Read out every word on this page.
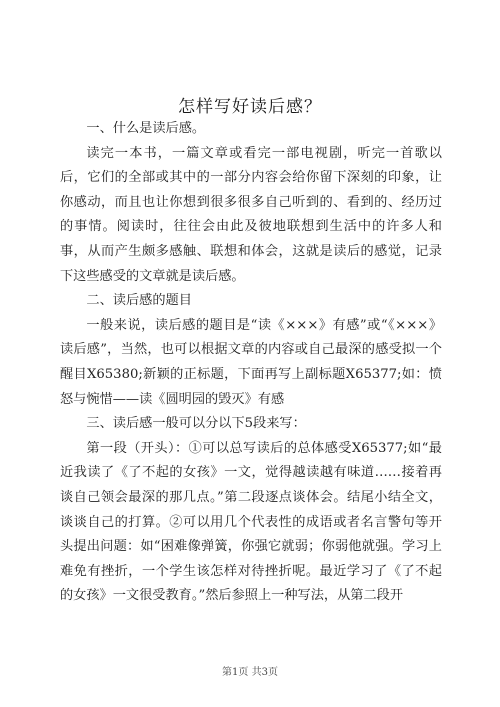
怎样写好读后感？

一、什么是读后感。

读完一本书，一篇文章或看完一部电视剧，听完一首歌以后，它们的全部或其中的一部分内容会给你留下深刻的印象，让你感动，而且也让你想到很多很多自己听到的、看到的、经历过的事情。阅读时，往往会由此及彼地联想到生活中的许多人和事，从而产生颇多感触、联想和体会，这就是读后的感觉，记录下这些感受的文章就是读后感。

二、读后感的题目

一般来说，读后感的题目是“读《×××》有感”或“《×××》读后感”，当然，也可以根据文章的内容或自己最深的感受拟一个醒目X65380;新颖的正标题，下面再写上副标题X65377;如：愤怒与惋惜——读《圆明园的毁灭》有感

三、读后感一般可以分以下5段来写：

第一段（开头）：①可以总写读后的总体感受X65377;如“最近我读了《了不起的女孩》一文，觉得越读越有味道……接着再谈自己领会最深的那几点。”第二段逐点谈体会。结尾小结全文，谈谈自己的打算。②可以用几个代表性的成语或者名言警句等开头提出问题：如“困难像弹簧，你强它就弱；你弱他就强。学习上难免有挫折，一个学生该怎样对待挫折呢。最近学习了《了不起的女孩》一文很受教育。”然后参照上一种写法，从第二段开

第1页 共3页
